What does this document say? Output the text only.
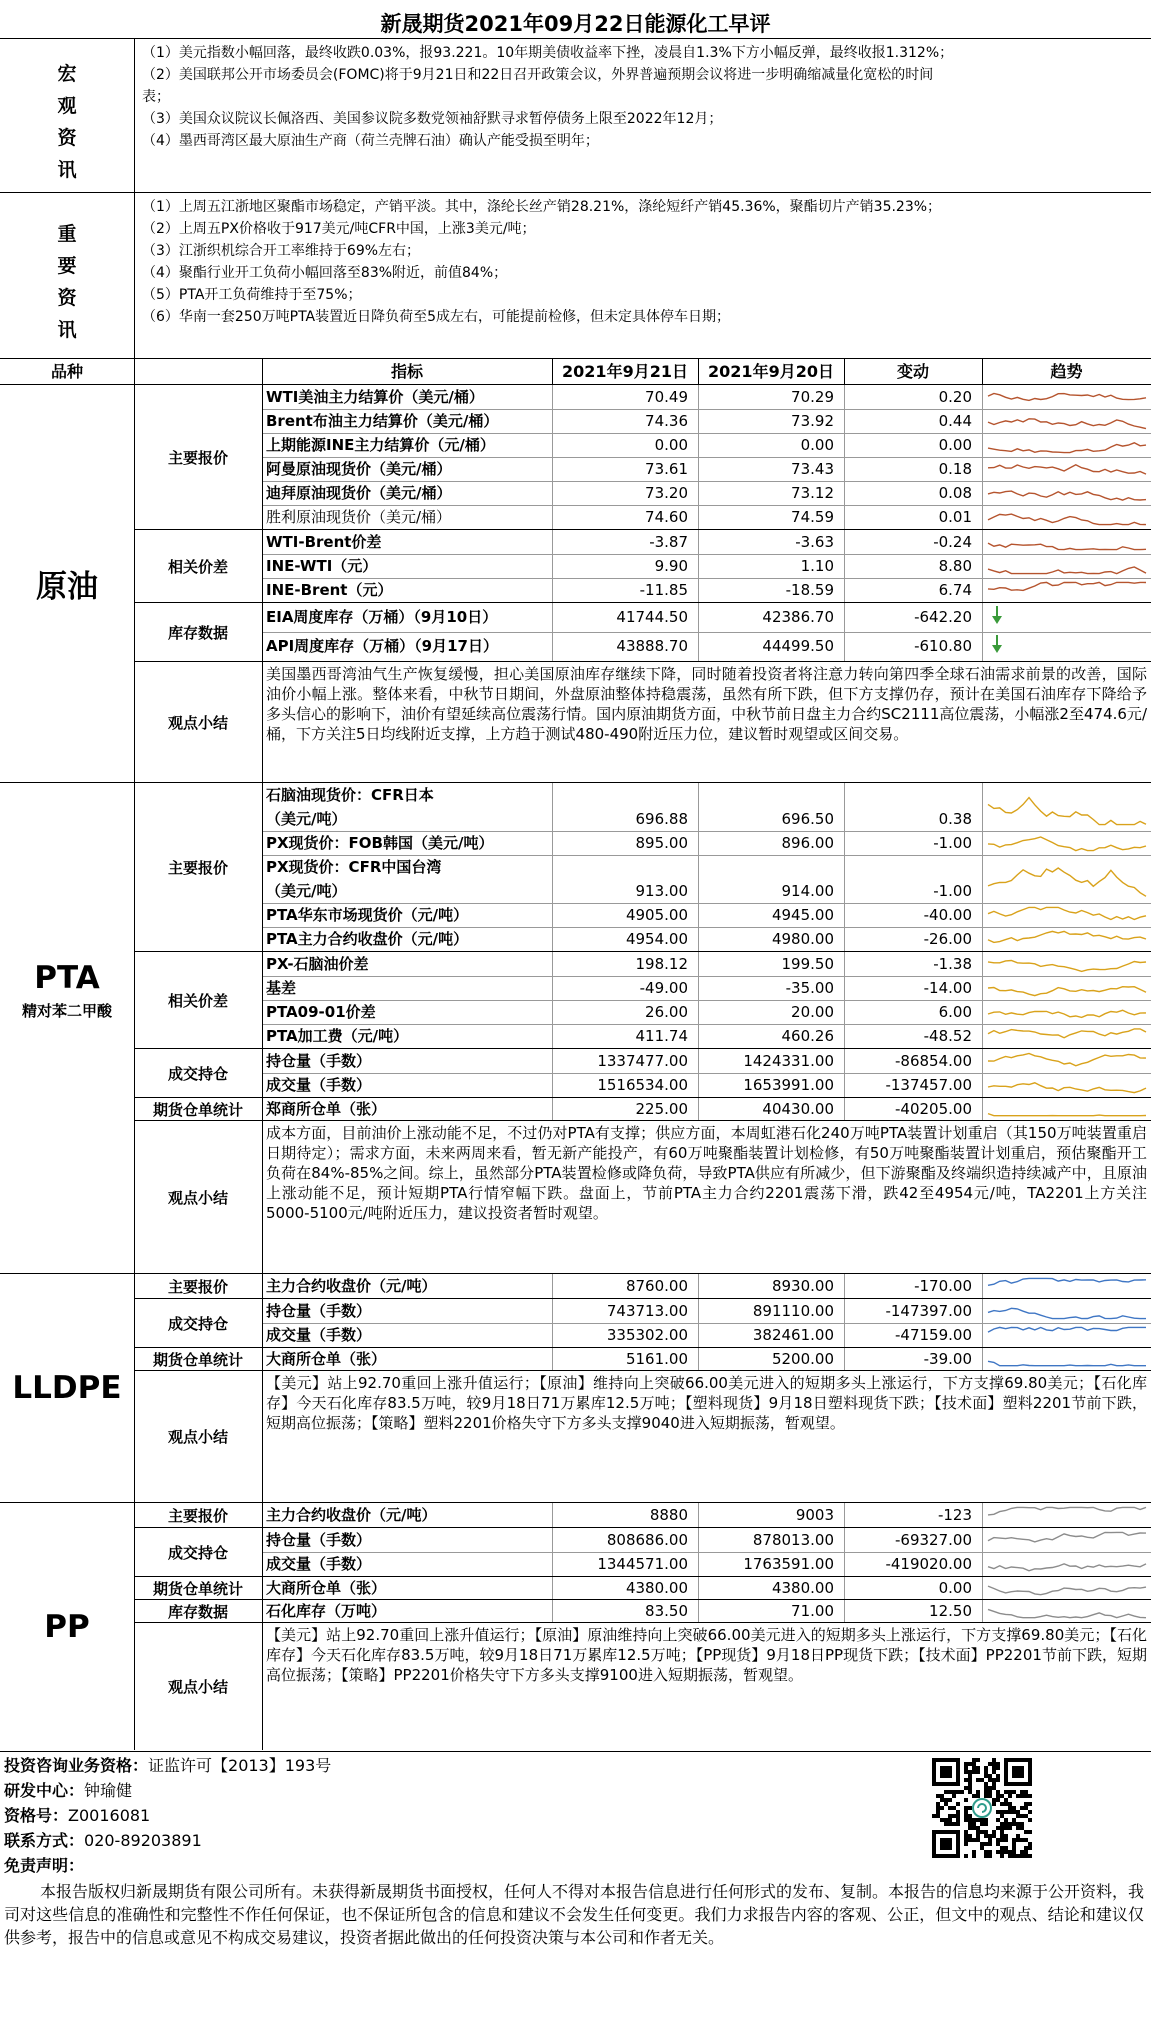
新晟期货2021年09月22日能源化工早评
宏
观
资
讯
（1）美元指数小幅回落，最终收跌0.03%，报93.221。10年期美债收益率下挫，凌晨自1.3%下方小幅反弹，最终收报1.312%；
（2）美国联邦公开市场委员会(FOMC)将于9月21日和22日召开政策会议，外界普遍预期会议将进一步明确缩减量化宽松的时间
表；
（3）美国众议院议长佩洛西、美国参议院多数党领袖舒默寻求暂停债务上限至2022年12月；
（4）墨西哥湾区最大原油生产商（荷兰壳牌石油）确认产能受损至明年；
重
要
资
讯
（1）上周五江浙地区聚酯市场稳定，产销平淡。其中，涤纶长丝产销28.21%，涤纶短纤产销45.36%，聚酯切片产销35.23%；
（2）上周五PX价格收于917美元/吨CFR中国，上涨3美元/吨；
（3）江浙织机综合开工率维持于69%左右；
（4）聚酯行业开工负荷小幅回落至83%附近，前值84%；
（5）PTA开工负荷维持于至75%；
（6）华南一套250万吨PTA装置近日降负荷至5成左右，可能提前检修，但未定具体停车日期；
品种	指标	2021年9月21日	2021年9月20日	变动	趋势
原油
主要报价
WTI美油主力结算价（美元/桶）	70.49	70.29	0.20
Brent布油主力结算价（美元/桶）	74.36	73.92	0.44
上期能源INE主力结算价（元/桶）	0.00	0.00	0.00
阿曼原油现货价（美元/桶）	73.61	73.43	0.18
迪拜原油现货价（美元/桶）	73.20	73.12	0.08
胜利原油现货价（美元/桶）	74.60	74.59	0.01
相关价差
WTI-Brent价差	-3.87	-3.63	-0.24
INE-WTI（元）	9.90	1.10	8.80
INE-Brent（元）	-11.85	-18.59	6.74
库存数据
EIA周度库存（万桶）（9月10日）	41744.50	42386.70	-642.20
API周度库存（万桶）（9月17日）	43888.70	44499.50	-610.80
观点小结
美国墨西哥湾油气生产恢复缓慢，担心美国原油库存继续下降，同时随着投资者将注意力转向第四季全球石油需求前景的改善，国际油价小幅上涨。整体来看，中秋节日期间，外盘原油整体持稳震荡，虽然有所下跌，但下方支撑仍存，预计在美国石油库存下降给予多头信心的影响下，油价有望延续高位震荡行情。国内原油期货方面，中秋节前日盘主力合约SC2111高位震荡，小幅涨2至474.6元/桶，下方关注5日均线附近支撑，上方趋于测试480-490附近压力位，建议暂时观望或区间交易。
PTA
精对苯二甲酸
主要报价
石脑油现货价：CFR日本
（美元/吨）	696.88	696.50	0.38
PX现货价：FOB韩国（美元/吨）	895.00	896.00	-1.00
PX现货价：CFR中国台湾
（美元/吨）	913.00	914.00	-1.00
PTA华东市场现货价（元/吨）	4905.00	4945.00	-40.00
PTA主力合约收盘价（元/吨）	4954.00	4980.00	-26.00
相关价差
PX-石脑油价差	198.12	199.50	-1.38
基差	-49.00	-35.00	-14.00
PTA09-01价差	26.00	20.00	6.00
PTA加工费（元/吨）	411.74	460.26	-48.52
成交持仓
持仓量（手数）	1337477.00	1424331.00	-86854.00
成交量（手数）	1516534.00	1653991.00	-137457.00
期货仓单统计	郑商所仓单（张）	225.00	40430.00	-40205.00
观点小结
成本方面，目前油价上涨动能不足，不过仍对PTA有支撑；供应方面，本周虹港石化240万吨PTA装置计划重启（其150万吨装置重启日期待定）；需求方面，未来两周来看，暂无新产能投产，有60万吨聚酯装置计划检修，有50万吨聚酯装置计划重启，预估聚酯开工负荷在84%-85%之间。综上，虽然部分PTA装置检修或降负荷，导致PTA供应有所减少，但下游聚酯及终端织造持续减产中，且原油上涨动能不足，预计短期PTA行情窄幅下跌。盘面上，节前PTA主力合约2201震荡下滑，跌42至4954元/吨，TA2201上方关注5000-5100元/吨附近压力，建议投资者暂时观望。
LLDPE
主要报价	主力合约收盘价（元/吨）	8760.00	8930.00	-170.00
成交持仓
持仓量（手数）	743713.00	891110.00	-147397.00
成交量（手数）	335302.00	382461.00	-47159.00
期货仓单统计	大商所仓单（张）	5161.00	5200.00	-39.00
观点小结
【美元】站上92.70重回上涨升值运行；【原油】维持向上突破66.00美元进入的短期多头上涨运行，下方支撑69.80美元；【石化库存】今天石化库存83.5万吨，较9月18日71万累库12.5万吨；【塑料现货】9月18日塑料现货下跌；【技术面】塑料2201节前下跌，短期高位振荡；【策略】塑料2201价格失守下方多头支撑9040进入短期振荡，暂观望。
PP
主要报价	主力合约收盘价（元/吨）	8880	9003	-123
成交持仓
持仓量（手数）	808686.00	878013.00	-69327.00
成交量（手数）	1344571.00	1763591.00	-419020.00
期货仓单统计	大商所仓单（张）	4380.00	4380.00	0.00
库存数据	石化库存（万吨）	83.50	71.00	12.50
观点小结
【美元】站上92.70重回上涨升值运行；【原油】原油维持向上突破66.00美元进入的短期多头上涨运行，下方支撑69.80美元；【石化库存】今天石化库存83.5万吨，较9月18日71万累库12.5万吨；【PP现货】9月18日PP现货下跌；【技术面】PP2201节前下跌，短期高位振荡；【策略】PP2201价格失守下方多头支撑9100进入短期振荡，暂观望。
投资咨询业务资格：证监许可【2013】193号
研发中心：钟瑜健
资格号：Z0016081
联系方式：020-89203891
免责声明：
本报告版权归新晟期货有限公司所有。未获得新晟期货书面授权，任何人不得对本报告信息进行任何形式的发布、复制。本报告的信息均来源于公开资料，我司对这些信息的准确性和完整性不作任何保证，也不保证所包含的信息和建议不会发生任何变更。我们力求报告内容的客观、公正，但文中的观点、结论和建议仅供参考，报告中的信息或意见不构成交易建议，投资者据此做出的任何投资决策与本公司和作者无关。
